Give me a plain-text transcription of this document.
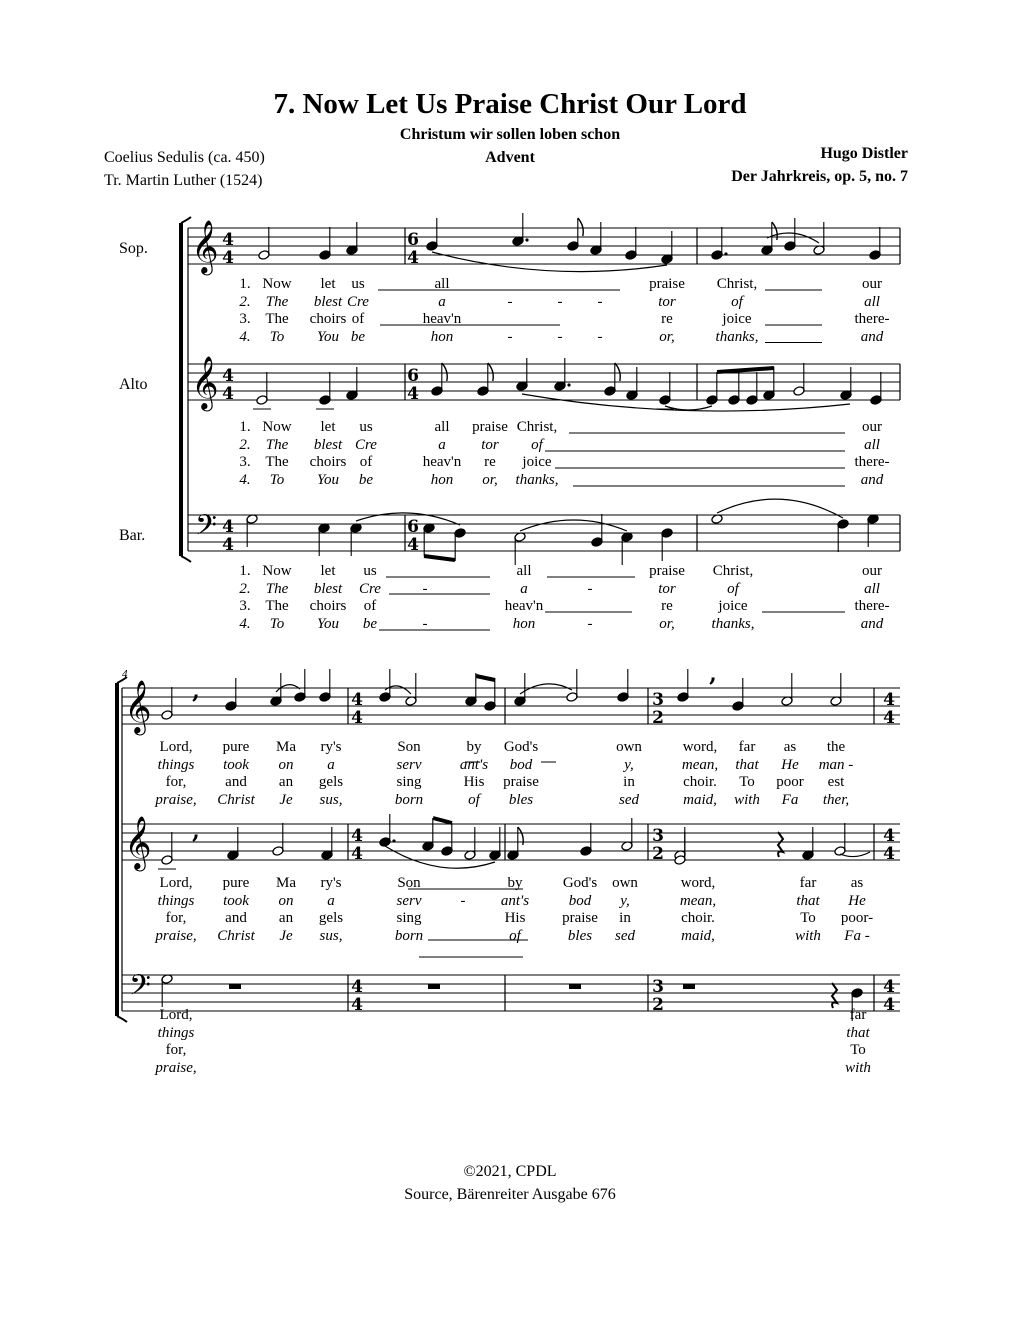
7. Now Let Us Praise Christ Our Lord
Christum wir sollen loben schon
Advent
Coelius Sedulis (ca. 450)
Tr. Martin Luther (1524)
Hugo Distler
Der Jahrkreis, op. 5, no. 7
Sop.
Alto
Bar.
4
𝄞
𝄞
𝄢
4
4
6
4
4
4
6
4
4
4
6
4
4
4
3
2
4
4
4
4
3
2
4
4
4
4
3
2
4
4
𝄞
𝄞
𝄢
,
,
,
1.
2.
3.
4.
Now
The
The
To
let
blest
choirs
You
us
Cre
of
be
all
a
heav'n
hon
-
-
-
-
-
-
praise
tor
re
or,
Christ,
of
joice
thanks,
our
all
there-
and
1.
2.
3.
4.
Now
The
The
To
let
blest
choirs
You
us
Cre
of
be
all
a
heav'n
hon
praise
tor
re
or,
Christ,
of
joice
thanks,
our
all
there-
and
1.
2.
3.
4.
Now
The
The
To
let
blest
choirs
You
us
Cre
of
be
-
-
all
a
heav'n
hon
-
-
praise
tor
re
or,
Christ,
of
joice
thanks,
our
all
there-
and
Lord,
things
for,
praise,
pure
took
and
Christ
Ma
on
an
Je
ry's
a
gels
sus,
Son
serv
sing
born
by
ant's
His
of
God's
bod
praise
bles
own
y,
in
sed
word,
mean,
choir.
maid,
far
that
To
with
as
He
poor
Fa
the
man -
est
ther,
Lord,
things
for,
praise,
pure
took
and
Christ
Ma
on
an
Je
ry's
a
gels
sus,
Son
serv
sing
born
-
by
ant's
His
of
God's
bod
praise
bles
own
y,
in
sed
word,
mean,
choir.
maid,
far
that
To
with
as
He
poor-
Fa -
Lord,
things
for,
praise,
far
that
To
with
©2021, CPDL
Source, Bärenreiter Ausgabe 676
